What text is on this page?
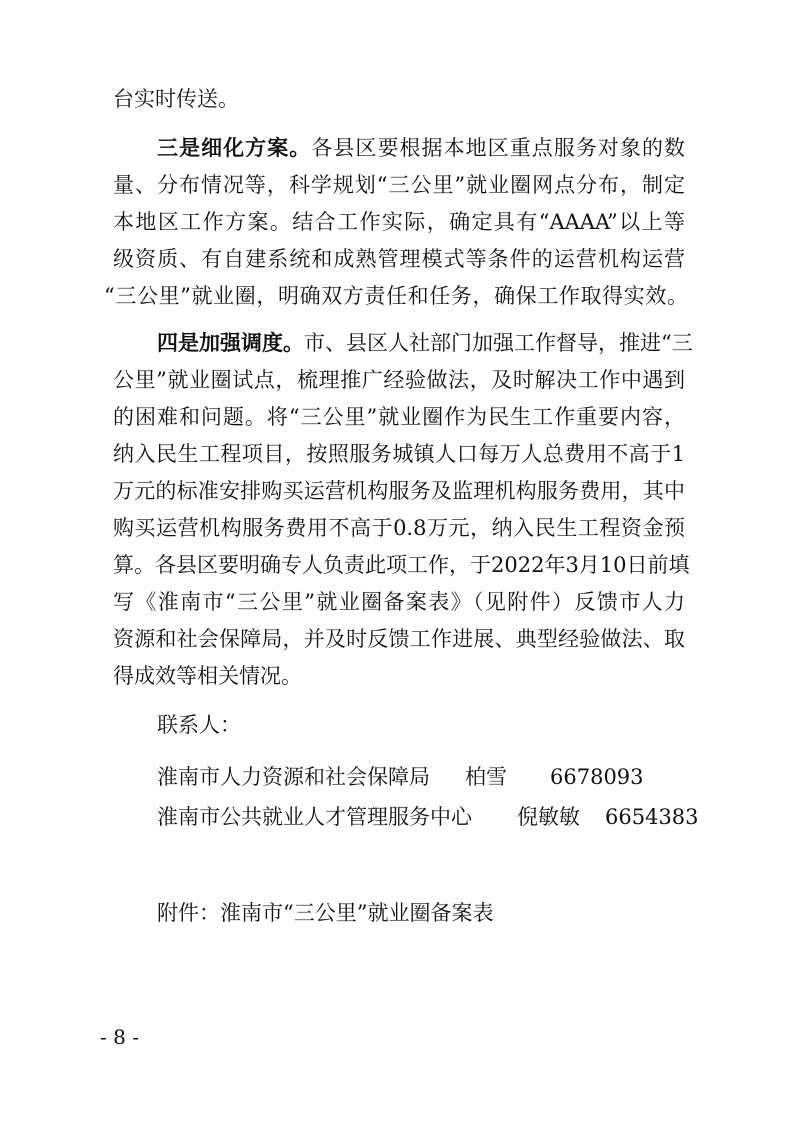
台实时传送。
三是细化方案。各县区要根据本地区重点服务对象的数
量、分布情况等，科学规划“三公里”就业圈网点分布，制定
本地区工作方案。结合工作实际，确定具有“AAAA”以上等
级资质、有自建系统和成熟管理模式等条件的运营机构运营
“三公里”就业圈，明确双方责任和任务，确保工作取得实效。
四是加强调度。市、县区人社部门加强工作督导，推进“三
公里”就业圈试点，梳理推广经验做法，及时解决工作中遇到
的困难和问题。将“三公里”就业圈作为民生工作重要内容，
纳入民生工程项目，按照服务城镇人口每万人总费用不高于1
万元的标准安排购买运营机构服务及监理机构服务费用，其中
购买运营机构服务费用不高于0.8万元，纳入民生工程资金预
算。各县区要明确专人负责此项工作，于2022年3月10日前填
写《淮南市“三公里”就业圈备案表》（见附件）反馈市人力
资源和社会保障局，并及时反馈工作进展、典型经验做法、取
得成效等相关情况。
联系人：
淮南市人力资源和社会保障局 柏雪 6678093
淮南市公共就业人才管理服务中心 倪敏敏 6654383
附件：淮南市“三公里”就业圈备案表
- 8 -
